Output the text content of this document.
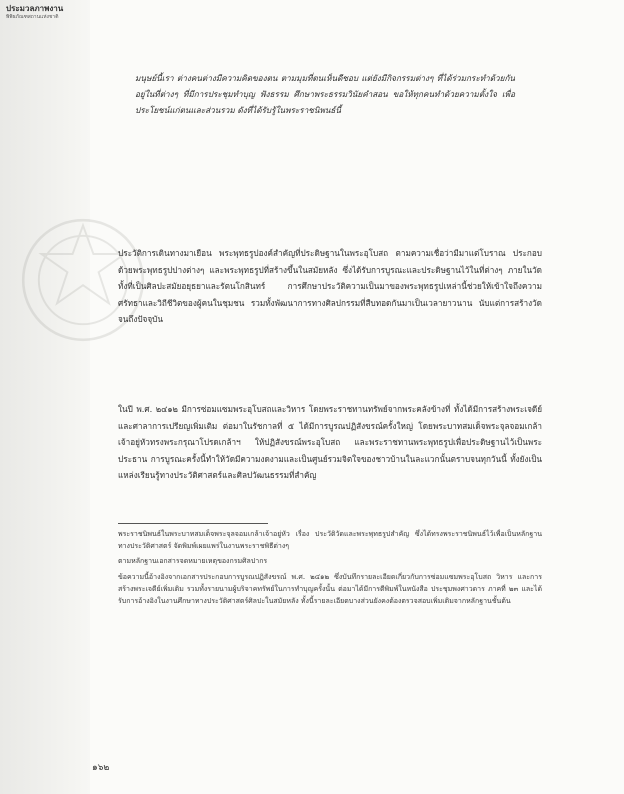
ประมวลภาพงาน
พิพิธภัณฑสถานแห่งชาติ
มนุษย์นี้เรา ต่างคนต่างมีความคิดของตน ตามมุมที่ตนเห็นดีชอบ แต่ยังมีกิจกรรมต่างๆ ที่ได้ร่วมกระทำด้วยกันอยู่ในที่ต่างๆ ที่มีการประชุมทำบุญ ฟังธรรม ศึกษาพระธรรมวินัยคำสอน ขอให้ทุกคนทำด้วยความตั้งใจ เพื่อประโยชน์แก่ตนและส่วนรวม ดังที่ได้รับรู้ในพระราชนิพนธ์นี้
ประวัติการเดินทางมาเยือน พระพุทธรูปองค์สำคัญที่ประดิษฐานในพระอุโบสถ ตามความเชื่อว่ามีมาแต่โบราณ ประกอบด้วยพระพุทธรูปปางต่างๆ และพระพุทธรูปที่สร้างขึ้นในสมัยหลัง ซึ่งได้รับการบูรณะและประดิษฐานไว้ในที่ต่างๆ ภายในวัด ทั้งที่เป็นศิลปะสมัยอยุธยาและรัตนโกสินทร์ การศึกษาประวัติความเป็นมาของพระพุทธรูปเหล่านี้ช่วยให้เข้าใจถึงความศรัทธาและวิถีชีวิตของผู้คนในชุมชน รวมทั้งพัฒนาการทางศิลปกรรมที่สืบทอดกันมาเป็นเวลายาวนาน นับแต่การสร้างวัดจนถึงปัจจุบัน
ในปี พ.ศ. ๒๔๑๒ มีการซ่อมแซมพระอุโบสถและวิหาร โดยพระราชทานทรัพย์จากพระคลังข้างที่ ทั้งได้มีการสร้างพระเจดีย์และศาลาการเปรียญเพิ่มเติม ต่อมาในรัชกาลที่ ๕ ได้มีการบูรณปฏิสังขรณ์ครั้งใหญ่ โดยพระบาทสมเด็จพระจุลจอมเกล้าเจ้าอยู่หัวทรงพระกรุณาโปรดเกล้าฯ ให้ปฏิสังขรณ์พระอุโบสถ และพระราชทานพระพุทธรูปเพื่อประดิษฐานไว้เป็นพระประธาน การบูรณะครั้งนี้ทำให้วัดมีความงดงามและเป็นศูนย์รวมจิตใจของชาวบ้านในละแวกนั้นตราบจนทุกวันนี้ ทั้งยังเป็นแหล่งเรียนรู้ทางประวัติศาสตร์และศิลปวัฒนธรรมที่สำคัญ
พระราชนิพนธ์ในพระบาทสมเด็จพระจุลจอมเกล้าเจ้าอยู่หัว เรื่อง ประวัติวัดและพระพุทธรูปสำคัญ ซึ่งได้ทรงพระราชนิพนธ์ไว้เพื่อเป็นหลักฐานทางประวัติศาสตร์ จัดพิมพ์เผยแพร่ในงานพระราชพิธีต่างๆ
ตามหลักฐานเอกสารจดหมายเหตุของกรมศิลปากร
ข้อความนี้อ้างอิงจากเอกสารประกอบการบูรณปฏิสังขรณ์ พ.ศ. ๒๔๑๒ ซึ่งบันทึกรายละเอียดเกี่ยวกับการซ่อมแซมพระอุโบสถ วิหาร และการสร้างพระเจดีย์เพิ่มเติม รวมทั้งรายนามผู้บริจาคทรัพย์ในการทำบุญครั้งนั้น ต่อมาได้มีการตีพิมพ์ในหนังสือ ประชุมพงศาวดาร ภาคที่ ๒๓ และได้รับการอ้างอิงในงานศึกษาทางประวัติศาสตร์ศิลปะในสมัยหลัง ทั้งนี้รายละเอียดบางส่วนยังคงต้องตรวจสอบเพิ่มเติมจากหลักฐานชั้นต้น
๑๖๒
